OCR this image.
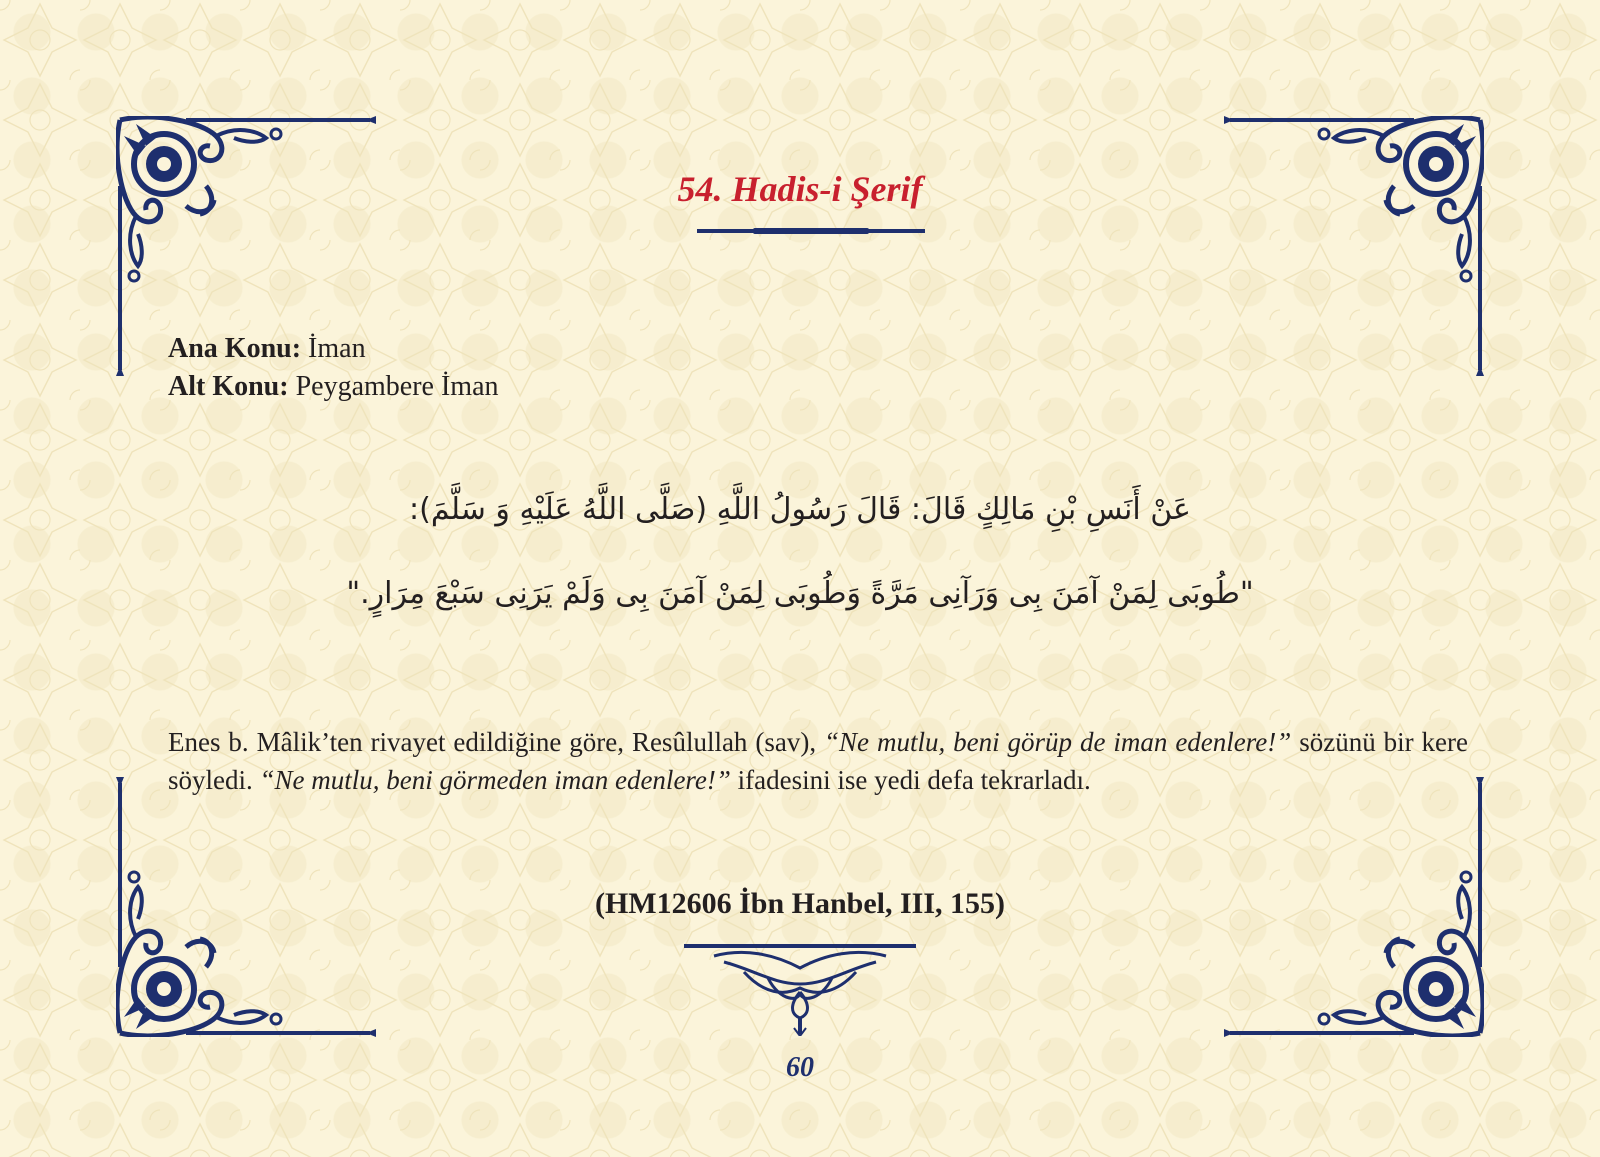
54. Hadis-i Şerif
Ana Konu: İman
Alt Konu: Peygambere İman
عَنْ أَنَسِ بْنِ مَالِكٍ قَالَ: قَالَ رَسُولُ اللَّهِ (صَلَّى اللَّهُ عَلَيْهِ وَ سَلَّمَ):
"طُوبَى لِمَنْ آمَنَ بِى وَرَآنِى مَرَّةً وَطُوبَى لِمَنْ آمَنَ بِى وَلَمْ يَرَنِى سَبْعَ مِرَارٍ."

Enes b. Mâlik’ten rivayet edildiğine göre, Resûlullah (sav), “Ne mutlu, beni görüp de iman edenlere!” sözünü bir kere söyledi. “Ne mutlu, beni görmeden iman edenlere!” ifadesini ise yedi defa tekrarladı.

(HM12606 İbn Hanbel, III, 155)
60
